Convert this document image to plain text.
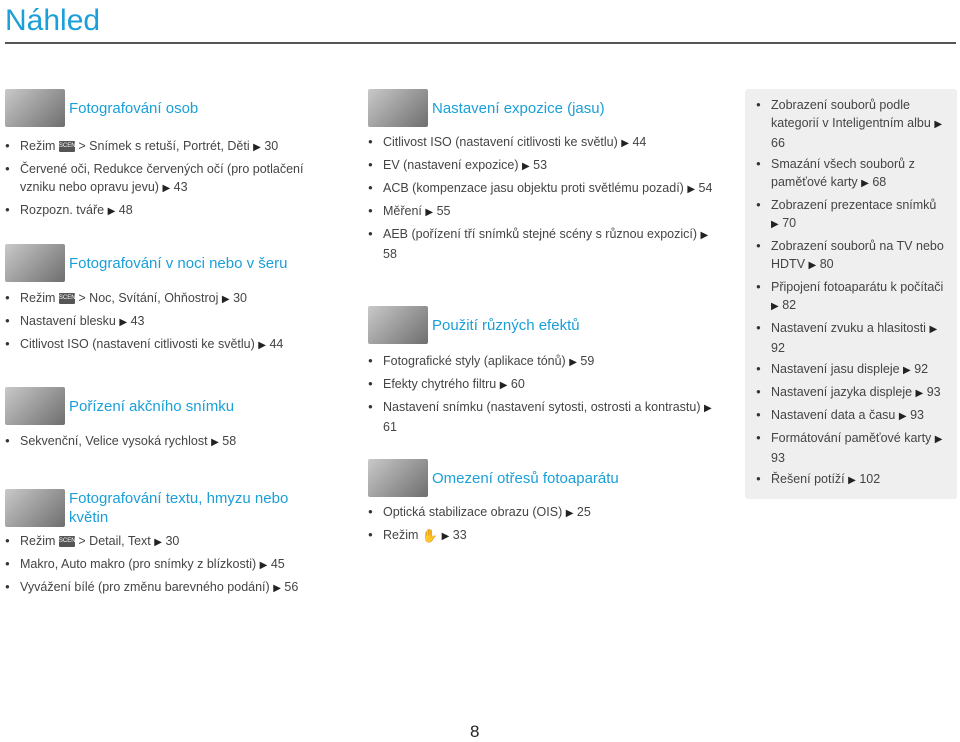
Náhled
Fotografování osob
● Režim SCENE > Snímek s retuší, Portrét, Děti ▶ 30
● Červené oči, Redukce červených očí (pro potlačení vzniku nebo opravu jevu) ▶ 43
● Rozpozn. tváře ▶ 48
Fotografování v noci nebo v šeru
● Režim SCENE > Noc, Svítání, Ohňostroj ▶ 30
● Nastavení blesku ▶ 43
● Citlivost ISO (nastavení citlivosti ke světlu) ▶ 44
Pořízení akčního snímku
● Sekvenční, Velice vysoká rychlost ▶ 58
Fotografování textu, hmyzu nebo květin
● Režim SCENE > Detail, Text ▶ 30
● Makro, Auto makro (pro snímky z blízkosti) ▶ 45
● Vyvážení bílé (pro změnu barevného podání) ▶ 56
Nastavení expozice (jasu)
● Citlivost ISO (nastavení citlivosti ke světlu) ▶ 44
● EV (nastavení expozice) ▶ 53
● ACB (kompenzace jasu objektu proti světlému pozadí) ▶ 54
● Měření ▶ 55
● AEB (pořízení tří snímků stejné scény s různou expozicí) ▶ 58
Použití různých efektů
● Fotografické styly (aplikace tónů) ▶ 59
● Efekty chytrého filtru ▶ 60
● Nastavení snímku (nastavení sytosti, ostrosti a kontrastu) ▶ 61
Omezení otřesů fotoaparátu
● Optická stabilizace obrazu (OIS) ▶ 25
● Režim ✋ ▶ 33
● Zobrazení souborů podle kategorií v Inteligentním albu ▶ 66
● Smazání všech souborů z paměťové karty ▶ 68
● Zobrazení prezentace snímků ▶ 70
● Zobrazení souborů na TV nebo HDTV ▶ 80
● Připojení fotoaparátu k počítači ▶ 82
● Nastavení zvuku a hlasitosti ▶ 92
● Nastavení jasu displeje ▶ 92
● Nastavení jazyka displeje ▶ 93
● Nastavení data a času ▶ 93
● Formátování paměťové karty ▶ 93
● Řešení potíží ▶ 102
8
